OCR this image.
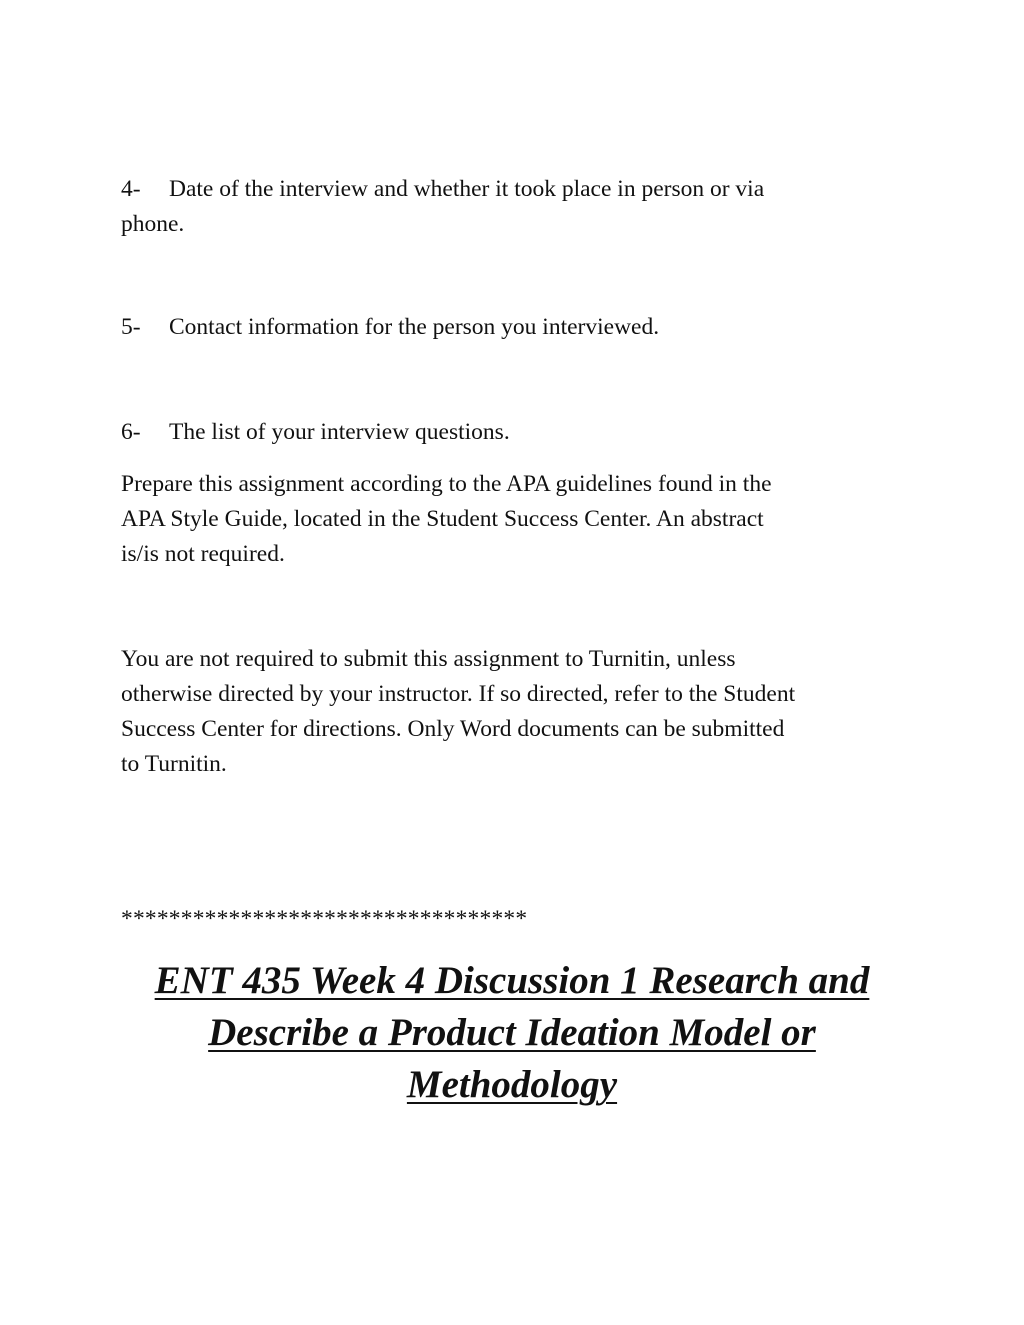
4- Date of the interview and whether it took place in person or via
phone.

5- Contact information for the person you interviewed.

6- The list of your interview questions.

Prepare this assignment according to the APA guidelines found in the
APA Style Guide, located in the Student Success Center. An abstract
is/is not required.

You are not required to submit this assignment to Turnitin, unless
otherwise directed by your instructor. If so directed, refer to the Student
Success Center for directions. Only Word documents can be submitted
to Turnitin.

**********************************

ENT 435 Week 4 Discussion 1 Research and
Describe a Product Ideation Model or
Methodology
